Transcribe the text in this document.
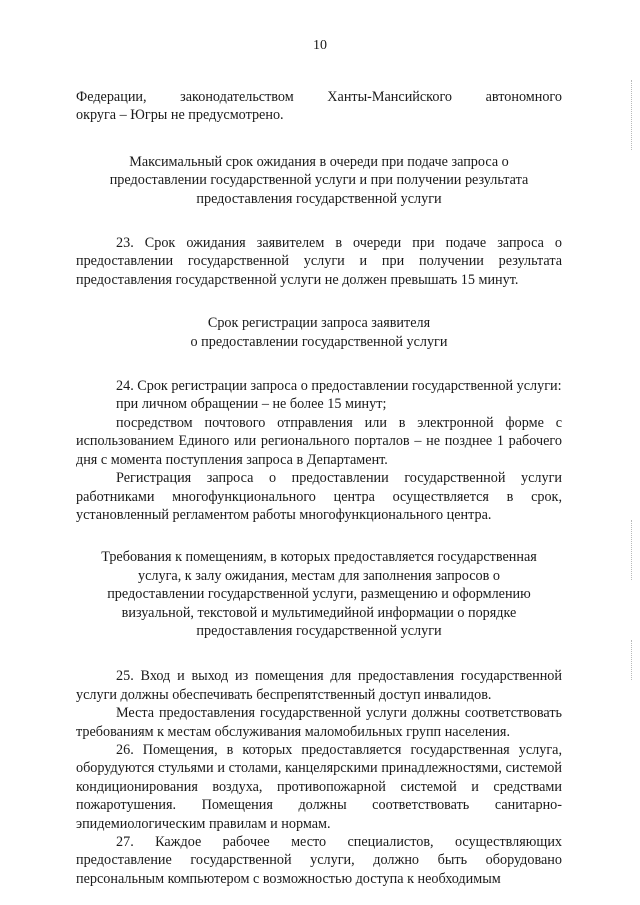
10

Федерации, законодательством Ханты-Мансийского автономного

округа – Югры не предусмотрено.

Максимальный срок ожидания в очереди при подаче запроса о

предоставлении государственной услуги и при получении результата

предоставления государственной услуги

23. Срок ожидания заявителем в очереди при подаче запроса о предоставлении государственной услуги и при получении результата предоставления государственной услуги не должен превышать 15 минут.

Срок регистрации запроса заявителя

о предоставлении государственной услуги

24. Срок регистрации запроса о предоставлении государственной услуги:

при личном обращении – не более 15 минут;

посредством почтового отправления или в электронной форме с использованием Единого или регионального порталов – не позднее 1 рабочего дня с момента поступления запроса в Департамент.

Регистрация запроса о предоставлении государственной услуги работниками многофункционального центра осуществляется в срок, установленный регламентом работы многофункционального центра.

Требования к помещениям, в которых предоставляется государственная

услуга, к залу ожидания, местам для заполнения запросов о

предоставлении государственной услуги, размещению и оформлению

визуальной, текстовой и мультимедийной информации о порядке

предоставления государственной услуги

25. Вход и выход из помещения для предоставления государственной услуги должны обеспечивать беспрепятственный доступ инвалидов.

Места предоставления государственной услуги должны соответствовать требованиям к местам обслуживания маломобильных групп населения.

26. Помещения, в которых предоставляется государственная услуга, оборудуются стульями и столами, канцелярскими принадлежностями, системой кондиционирования воздуха, противопожарной системой и средствами пожаротушения. Помещения должны соответствовать санитарно-эпидемиологическим правилам и нормам.

27. Каждое рабочее место специалистов, осуществляющих предоставление государственной услуги, должно быть оборудовано персональным компьютером с возможностью доступа к необходимым
